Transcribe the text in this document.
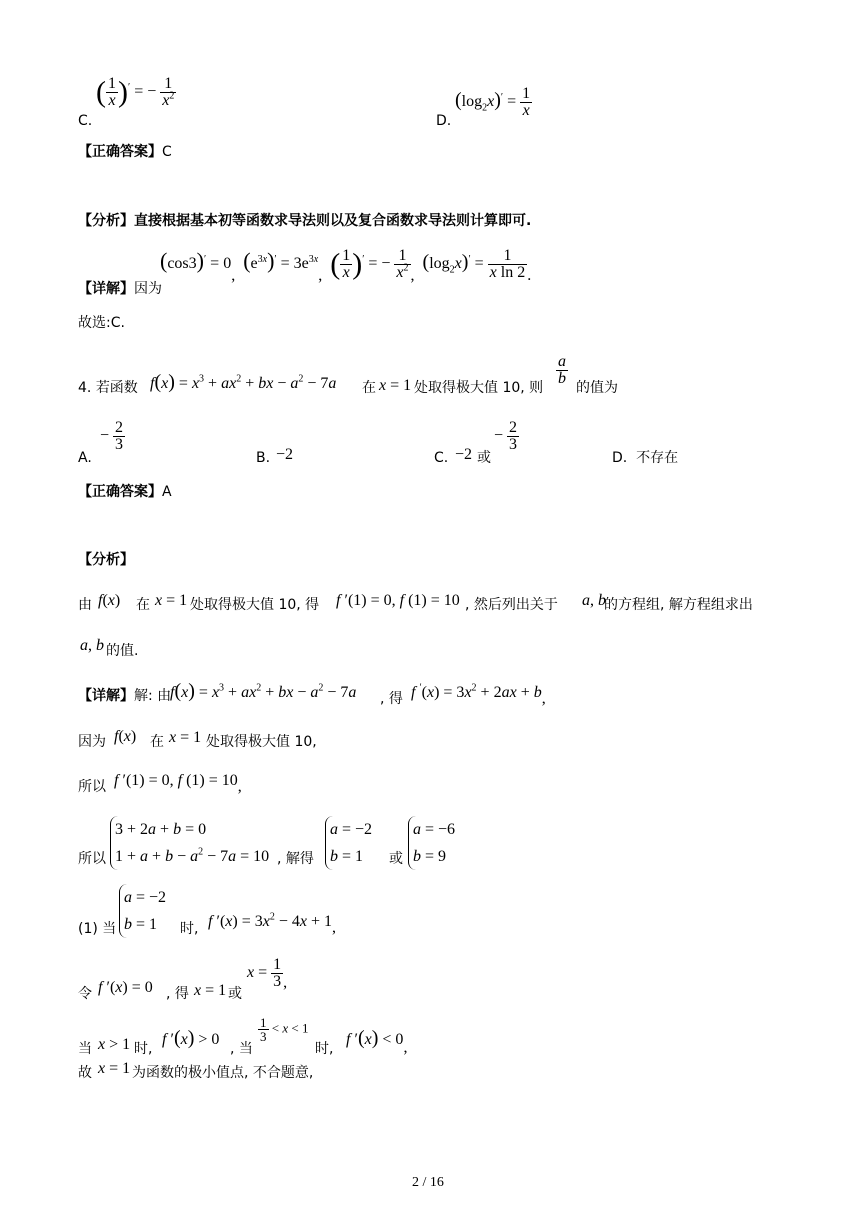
C.
( $\frac{1}{x} )'$ = − $\frac{1}{x^2}$
D.
$(\log_2x)' = \frac{1}{x}$
【正确答案】C
【分析】直接根据基本初等函数求导法则以及复合函数求导法则计算即可.
【详解】因为
(cos3)′ = 0,  $(e^{3x})' = 3e^{3x}$, ( $\frac{1}{x} )'$ = − $\frac{1}{x^2}$ ,  $(\log_2x)' = \frac{1}{\text{x ln 2}}$ .
故选:C.
4. 若函数 $f(x) = x^3 + ax^2$ + bx − $a^2 - 7a$ 在 x = 1 处取得极大值 10, 则
$\frac{a}{b}$
的值为
A.
− $\frac{2}{3}$
B. −2	C. −2 或
− $\frac{2}{3}$
D. 不存在
【正确答案】A
【分析】
由 f(x) 在 x = 1 处取得极大值 10, 得 f ′(1) = 0, f (1) = 10 , 然后列出关于 a, b
的方程组, 解方程组求出
a, b 的值.
【详解】解: 由
$f(x) = x^3 + ax^2$ + bx − $a^2 - 7a$ , 得 f $'(x) = 3x^2 + 2ax + b$,
因为 f(x) 在 x = 1 处取得极大值 10,
所以 f ′(1) = 0, f (1) = 10,
所以
3 + 2a + b = 0
$1 + a + b - a^2 - 7a = 10$ , 解得
a = −2
b = 1	或
a = −6
b = 9
(1) 当
a = −2
b = 1	时, f $'(x) = 3x^2 - 4x + 1$,
令 f ′(x) = 0 , 得 x = 1 或
$x = \frac{1}{3}$ ,
当 x > 1 时,
f ′(x) > 0
, 当
$\frac{1}{3} < x < 1$
时,
f ′(x) < 0,
故 x = 1 为函数的极小值点, 不合题意,
2 / 16
